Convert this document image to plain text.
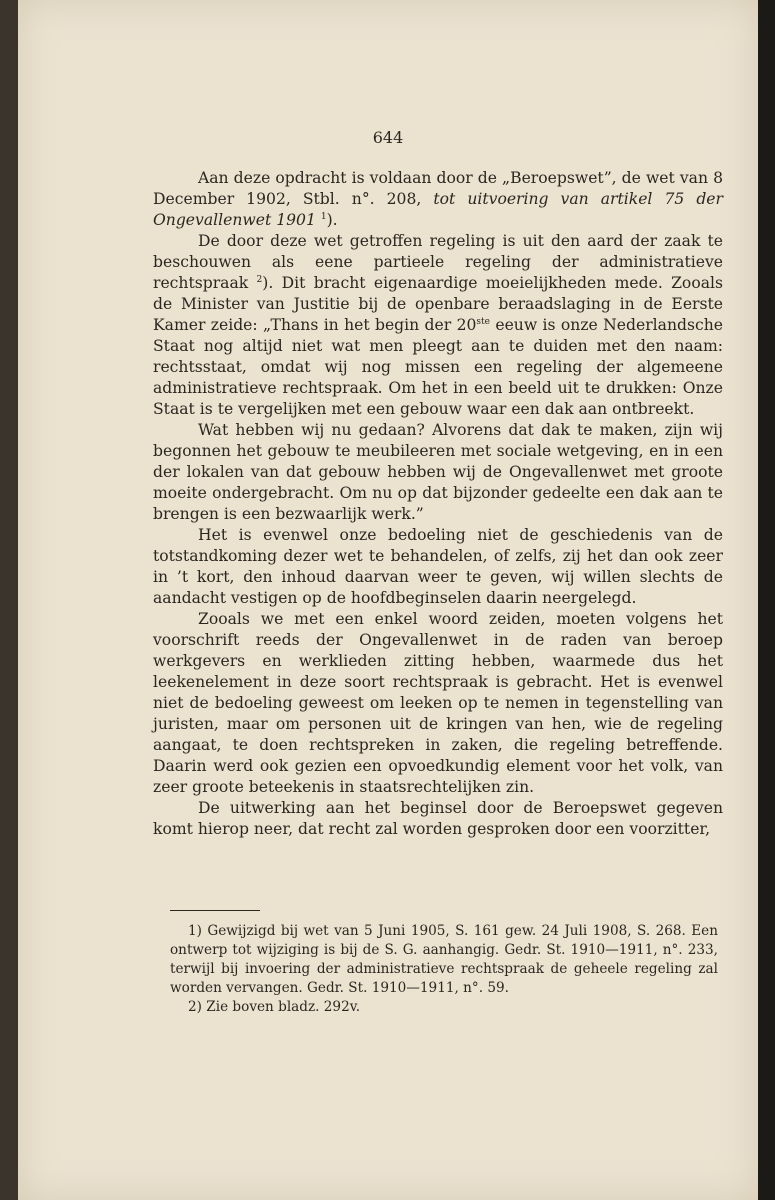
644

Aan deze opdracht is voldaan door de „Beroepswet”, de wet van 8 December 1902, Stbl. n°. 208, tot uitvoering van artikel 75 der Ongevallenwet 1901 $^1$).

De door deze wet getroffen regeling is uit den aard der zaak te beschouwen als eene partieele regeling der administratieve rechtspraak $^2$). Dit bracht eigenaardige moeielijkheden mede. Zooals de Minister van Justitie bij de openbare beraadslaging in de Eerste Kamer zeide: „Thans in het begin der 20ste eeuw is onze Nederlandsche Staat nog altijd niet wat men pleegt aan te duiden met den naam: rechtsstaat, omdat wij nog missen een regeling der algemeene administratieve rechtspraak. Om het in een beeld uit te drukken: Onze Staat is te vergelijken met een gebouw waar een dak aan ontbreekt.

Wat hebben wij nu gedaan? Alvorens dat dak te maken, zijn wij begonnen het gebouw te meubileeren met sociale wetgeving, en in een der lokalen van dat gebouw hebben wij de Ongevallenwet met groote moeite ondergebracht. Om nu op dat bijzonder gedeelte een dak aan te brengen is een bezwaarlijk werk.”

Het is evenwel onze bedoeling niet de geschiedenis van de totstandkoming dezer wet te behandelen, of zelfs, zij het dan ook zeer in ’t kort, den inhoud daarvan weer te geven, wij willen slechts de aandacht vestigen op de hoofdbeginselen daarin neergelegd.

Zooals we met een enkel woord zeiden, moeten volgens het voorschrift reeds der Ongevallenwet in de raden van beroep werkgevers en werklieden zitting hebben, waarmede dus het leekenelement in deze soort rechtspraak is gebracht. Het is evenwel niet de bedoeling geweest om leeken op te nemen in tegenstelling van juristen, maar om personen uit de kringen van hen, wie de regeling aangaat, te doen rechtspreken in zaken, die regeling betreffende. Daarin werd ook gezien een opvoedkundig element voor het volk, van zeer groote beteekenis in staatsrechtelijken zin.

De uitwerking aan het beginsel door de Beroepswet gegeven komt hierop neer, dat recht zal worden gesproken door een voorzitter,

1) Gewijzigd bij wet van 5 Juni 1905, S. 161 gew. 24 Juli 1908, S. 268. Een ontwerp tot wijziging is bij de S. G. aanhangig. Gedr. St. 1910—1911, n°. 233, terwijl bij invoering der administratieve rechtspraak de geheele regeling zal worden vervangen. Gedr. St. 1910—1911, n°. 59.

2) Zie boven bladz. 292v.
